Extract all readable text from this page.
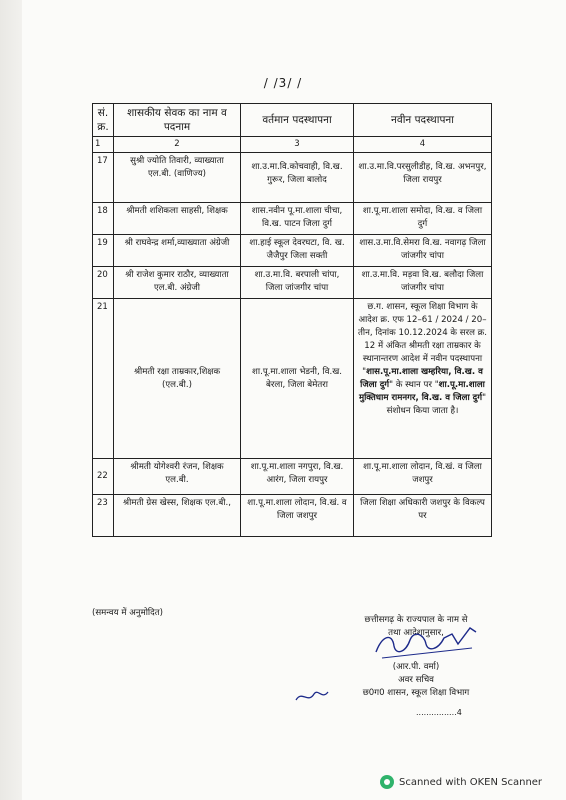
/ /3/ /
सं. क्र.	शासकीय सेवक का नाम व पदनाम	वर्तमान पदस्थापना	नवीन पदस्थापना
1	2	3	4
17	सुश्री ज्योति तिवारी, व्याख्याता एल.बी. (वाणिज्य)	शा.उ.मा.वि.कोचवाही, वि.ख. गुरूर, जिला बालोद	शा.उ.मा.वि.परसुलीडीह, वि.ख. अभनपुर, जिला रायपुर
18	श्रीमती शशिकला साहसी, शिक्षक	शास.नवीन पू.मा.शाला चीचा, वि.ख. पाटन जिला दुर्ग	शा.पू.मा.शाला समोदा, वि.ख. व जिला दुर्ग
19	श्री राघवेन्द्र शर्मा,व्याख्याता अंग्रेजी	शा.हाई स्कूल देवरघटा, वि. ख. जैजैपुर जिला सक्ती	शास.उ.मा.वि.सेमरा वि.ख. नवागढ़ जिला जांजगीर चांपा
20	श्री राजेश कुमार राठौर, व्याख्याता एल.बी. अंग्रेजी	शा.उ.मा.वि. बरपाली चांपा, जिला जांजगीर चांपा	शा.उ.मा.वि. मड़वा वि.ख. बलौदा जिला जांजगीर चांपा
21	श्रीमती रक्षा ताम्रकार,शिक्षक (एल.बी.)	शा.पू.मा.शाला भेडनी, वि.ख. बेरला, जिला बेमेतरा	छ.ग. शासन, स्कूल शिक्षा विभाग के आदेश क्र. एफ 12–61 / 2024 / 20–तीन, दिनांक 10.12.2024 के सरल क्र. 12 में अंकित श्रीमती रक्षा ताम्रकार के स्थानान्तरण आदेश में नवीन पदस्थापना "शास.पू.मा.शाला खम्हरिया, वि.ख. व जिला दुर्ग" के स्थान पर "शा.पू.मा.शाला मुक्तिधाम रामनगर, वि.ख. व जिला दुर्ग" संशोधन किया जाता है।
22	श्रीमती योगेश्वरी रंजन, शिक्षक एल.बी.	शा.पू.मा.शाला नगपुरा, वि.ख. आरंग, जिला रायपुर	शा.पू.मा.शाला लोदान, वि.खं. व जिला जशपुर
23	श्रीमती ग्रेस खेस्स, शिक्षक एल.बी.,	शा.पू.मा.शाला लोदान, वि.खं. व जिला जशपुर	जिला शिक्षा अधिकारी जशपुर के विकल्प पर
(समन्वय में अनुमोदित)
छत्तीसगढ़ के राज्यपाल के नाम से
तथा आदेशानुसार,
(आर.पी. वर्मा)
अवर सचिव
छ0ग0 शासन, स्कूल शिक्षा विभाग
................4
Scanned with OKEN Scanner
